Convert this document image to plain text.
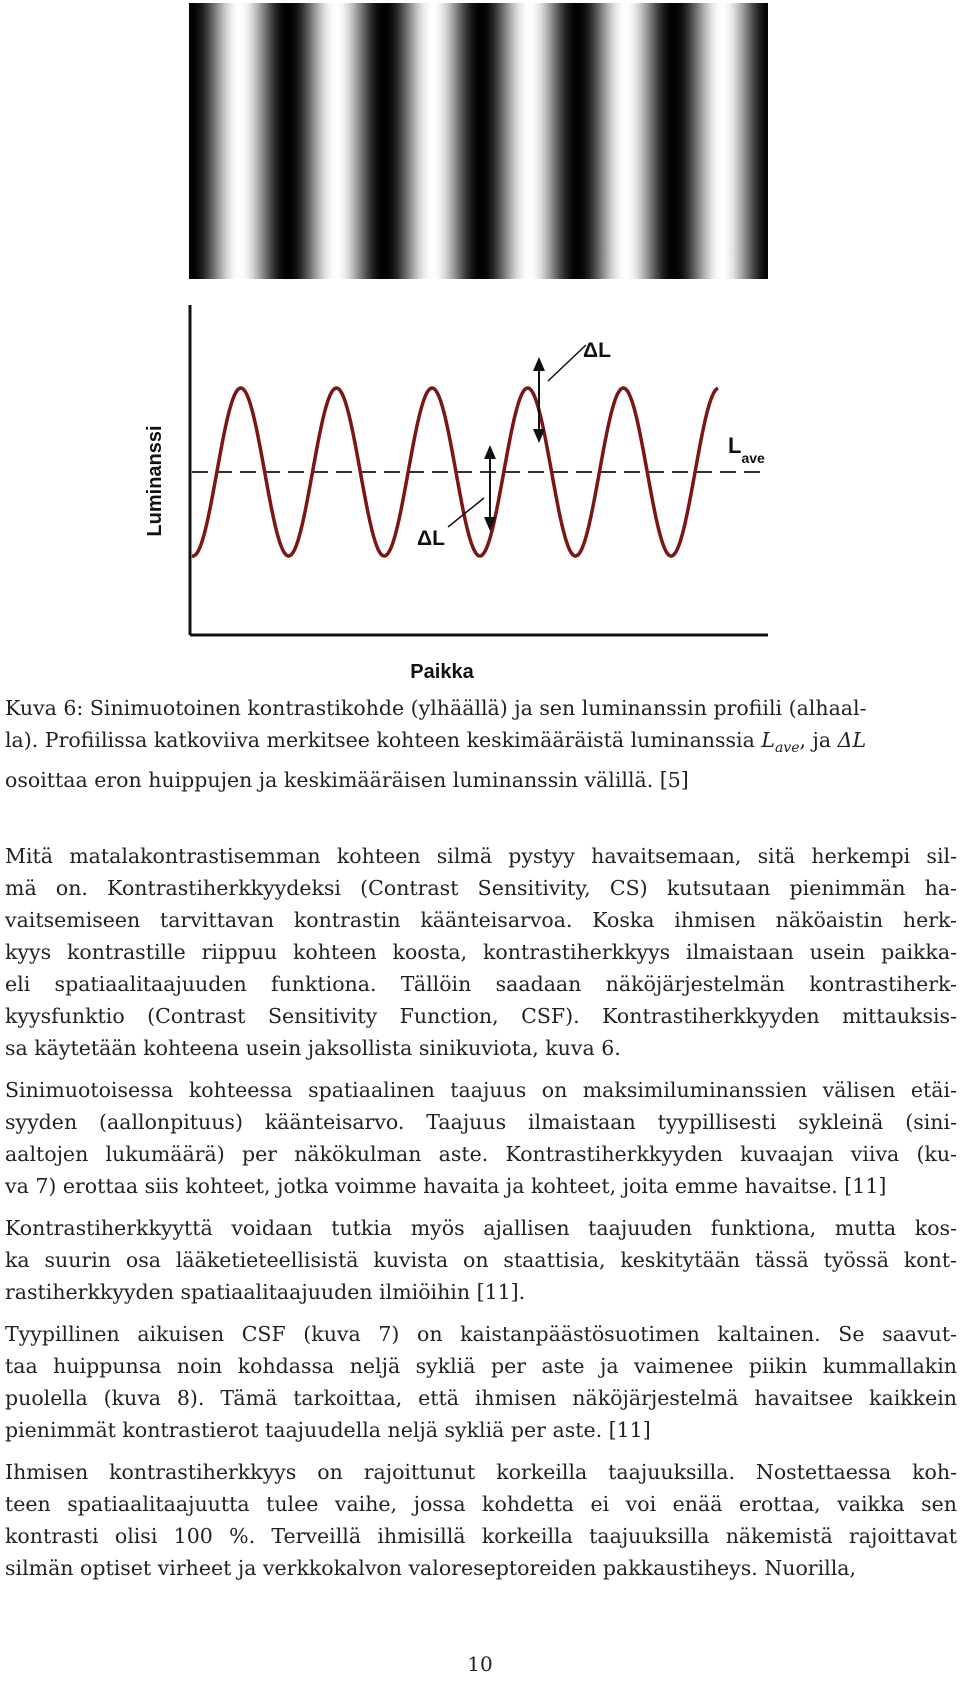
ΔL
ΔL
$L_{ave}$
Luminanssi
Paikka
Kuva 6: Sinimuotoinen kontrastikohde (ylhäällä) ja sen luminanssin profiili (alhaal-
la). Profiilissa katkoviiva merkitsee kohteen keskimääräistä luminanssia $L_{ave}$, ja ΔL
osoittaa eron huippujen ja keskimääräisen luminanssin välillä. [5]

Mitä matalakontrastisemman kohteen silmä pystyy havaitsemaan, sitä herkempi sil-
mä on. Kontrastiherkkyydeksi (Contrast Sensitivity, CS) kutsutaan pienimmän ha-
vaitsemiseen tarvittavan kontrastin käänteisarvoa. Koska ihmisen näköaistin herk-
kyys kontrastille riippuu kohteen koosta, kontrastiherkkyys ilmaistaan usein paikka-
eli spatiaalitaajuuden funktiona. Tällöin saadaan näköjärjestelmän kontrastiherk-
kyysfunktio (Contrast Sensitivity Function, CSF). Kontrastiherkkyyden mittauksis-
sa käytetään kohteena usein jaksollista sinikuviota, kuva 6.

Sinimuotoisessa kohteessa spatiaalinen taajuus on maksimiluminanssien välisen etäi-
syyden (aallonpituus) käänteisarvo. Taajuus ilmaistaan tyypillisesti sykleinä (sini-
aaltojen lukumäärä) per näkökulman aste. Kontrastiherkkyyden kuvaajan viiva (ku-
va 7) erottaa siis kohteet, jotka voimme havaita ja kohteet, joita emme havaitse. [11]

Kontrastiherkkyyttä voidaan tutkia myös ajallisen taajuuden funktiona, mutta kos-
ka suurin osa lääketieteellisistä kuvista on staattisia, keskitytään tässä työssä kont-
rastiherkkyyden spatiaalitaajuuden ilmiöihin [11].

Tyypillinen aikuisen CSF (kuva 7) on kaistanpäästösuotimen kaltainen. Se saavut-
taa huippunsa noin kohdassa neljä sykliä per aste ja vaimenee piikin kummallakin
puolella (kuva 8). Tämä tarkoittaa, että ihmisen näköjärjestelmä havaitsee kaikkein
pienimmät kontrastierot taajuudella neljä sykliä per aste. [11]

Ihmisen kontrastiherkkyys on rajoittunut korkeilla taajuuksilla. Nostettaessa koh-
teen spatiaalitaajuutta tulee vaihe, jossa kohdetta ei voi enää erottaa, vaikka sen
kontrasti olisi 100 %. Terveillä ihmisillä korkeilla taajuuksilla näkemistä rajoittavat
silmän optiset virheet ja verkkokalvon valoreseptoreiden pakkaustiheys. Nuorilla,

10
